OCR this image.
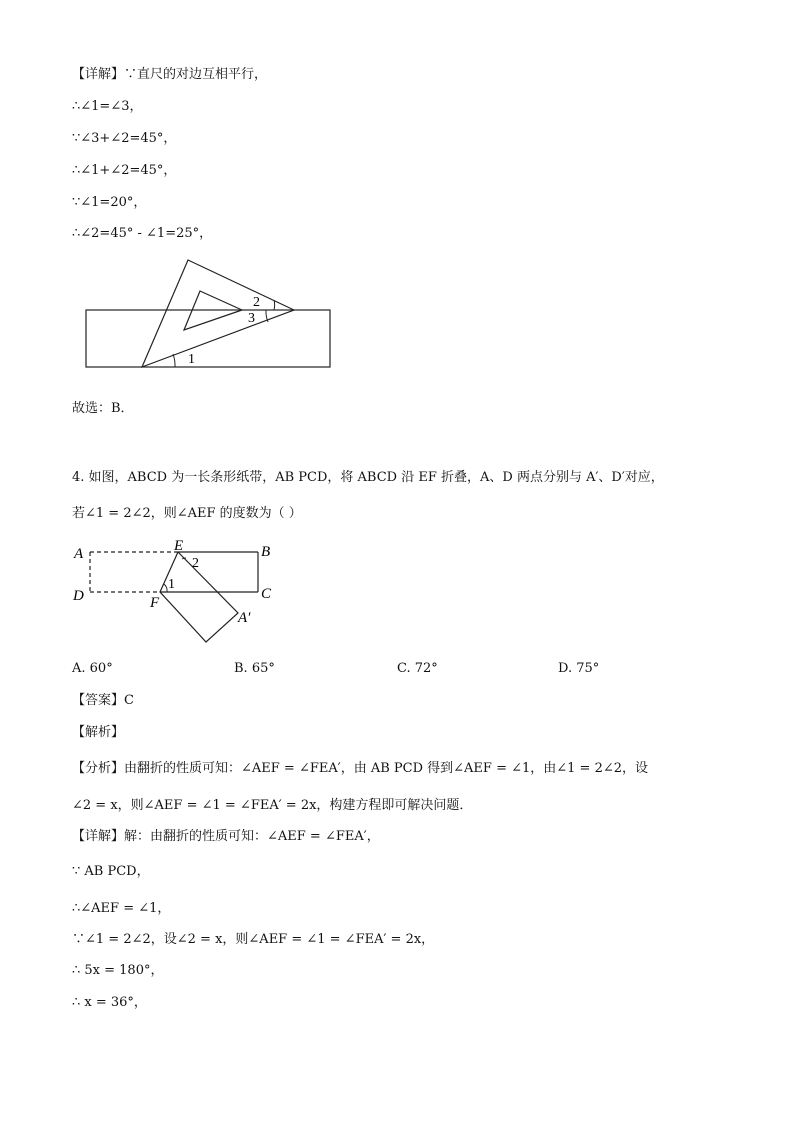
【详解】∵直尺的对边互相平行，
∴∠1=∠3，
∵∠3+∠2=45°，
∴∠1+∠2=45°，
∵∠1=20°，
∴∠2=45° - ∠1=25°，
1
2
3
故选：B．
4. 如图，ABCD 为一长条形纸带，AB PCD，将 ABCD 沿 EF 折叠，A、D 两点分别与 A′、D′对应，
若∠1 = 2∠2，则∠AEF 的度数为（ ）
A	E	B
D	C
F
A′
2
1
A. 60°	B. 65°	C. 72°	D. 75°
【答案】C
【解析】
【分析】由翻折的性质可知：∠AEF = ∠FEA′，由 AB PCD 得到∠AEF = ∠1，由∠1 = 2∠2，设
∠2 = x，则∠AEF = ∠1 = ∠FEA′ = 2x，构建方程即可解决问题．
【详解】解：由翻折的性质可知：∠AEF = ∠FEA′，
∵ AB PCD，
∴∠AEF = ∠1，
∵∠1 = 2∠2，设∠2 = x，则∠AEF = ∠1 = ∠FEA′ = 2x，
∴ 5x = 180°，
∴ x = 36°，
